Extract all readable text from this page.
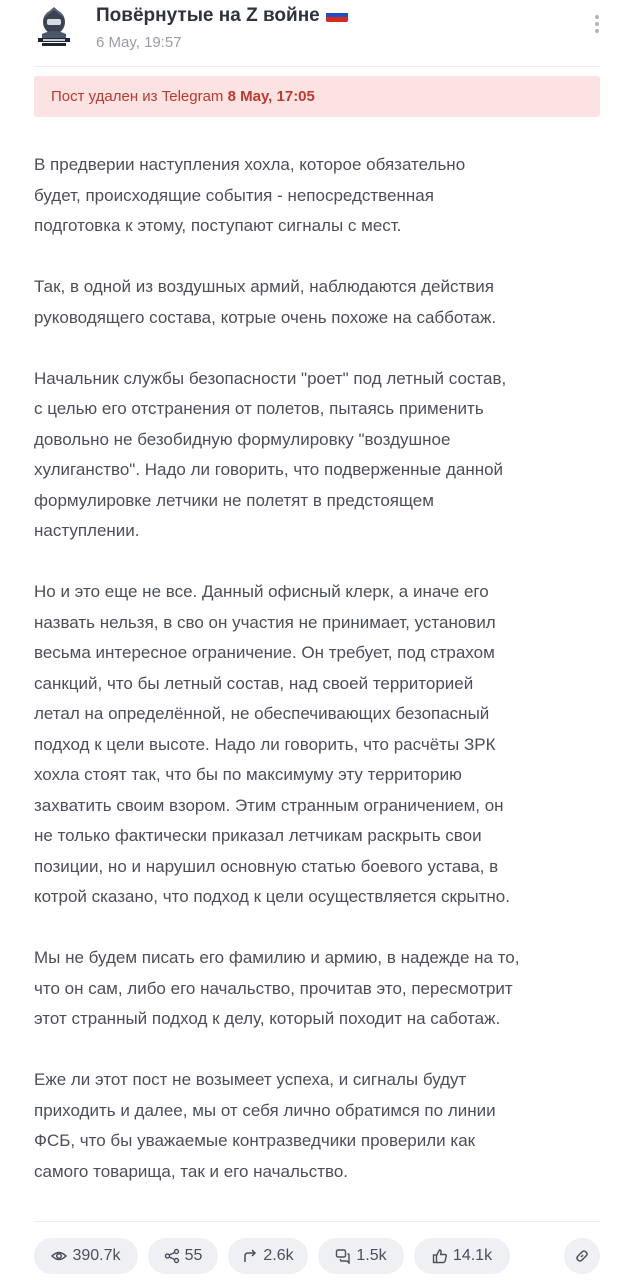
Повёрнутые на Z войне
6 May, 19:57
Пост удален из Telegram 8 May, 17:05

В предверии наступления хохла, которое обязательно
будет, происходящие события - непосредственная
подготовка к этому, поступают сигналы с мест.

Так, в одной из воздушных армий, наблюдаются действия
руководящего состава, котрые очень похоже на сабботаж.

Начальник службы безопасности "роет" под летный состав,
с целью его отстранения от полетов, пытаясь применить
довольно не безобидную формулировку "воздушное
хулиганство". Надо ли говорить, что подверженные данной
формулировке летчики не полетят в предстоящем
наступлении.

Но и это еще не все. Данный офисный клерк, а иначе его
назвать нельзя, в сво он участия не принимает, установил
весьма интересное ограничение. Он требует, под страхом
санкций, что бы летный состав, над своей территорией
летал на определённой, не обеспечивающих безопасный
подход к цели высоте. Надо ли говорить, что расчёты ЗРК
хохла стоят так, что бы по максимуму эту территорию
захватить своим взором. Этим странным ограничением, он
не только фактически приказал летчикам раскрыть свои
позиции, но и нарушил основную статью боевого устава, в
котрой сказано, что подход к цели осуществляется скрытно.

Мы не будем писать его фамилию и армию, в надежде на то,
что он сам, либо его начальство, прочитав это, пересмотрит
этот странный подход к делу, который походит на саботаж.

Еже ли этот пост не возымеет успеха, и сигналы будут
приходить и далее, мы от себя лично обратимся по линии
ФСБ, что бы уважаемые контразведчики проверили как
самого товарища, так и его начальство.

390.7k	55	2.6k	1.5k	14.1k
